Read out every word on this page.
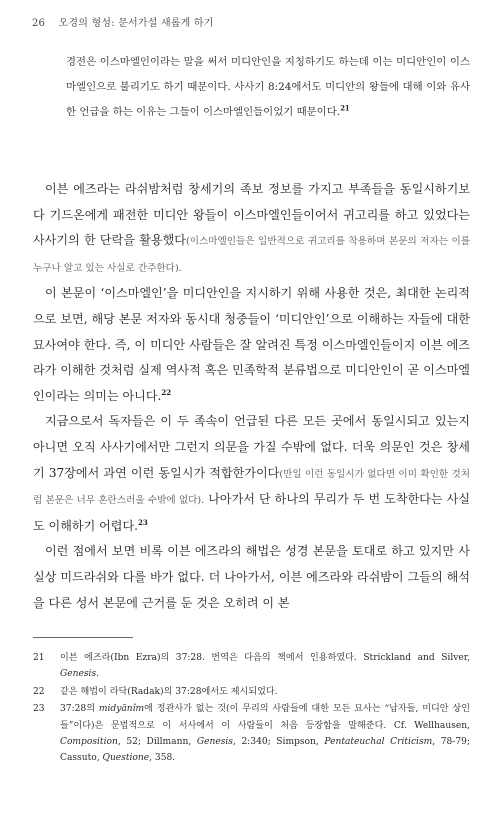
26 오경의 형성: 문서가설 새롭게 하기

경전은 이스마엘인이라는 말을 써서 미디안인을 지칭하기도 하는데 이는 미디안인이 이스마엘인으로 불리기도 하기 때문이다. 사사기 8:24에서도 미디안의 왕들에 대해 이와 유사한 언급을 하는 이유는 그들이 이스마엘인들이었기 때문이다.$^{21}$

이븐 에즈라는 라쉬밤처럼 창세기의 족보 정보를 가지고 부족들을 동일시하기보다 기드온에게 패전한 미디안 왕들이 이스마엘인들이어서 귀고리를 하고 있었다는 사사기의 한 단락을 활용했다(이스마엘인들은 일반적으로 귀고리를 착용하며 본문의 저자는 이를 누구나 알고 있는 사실로 간주한다).

이 본문이 ‘이스마엘인’을 미디안인을 지시하기 위해 사용한 것은, 최대한 논리적으로 보면, 해당 본문 저자와 동시대 청중들이 ‘미디안인’으로 이해하는 자들에 대한 묘사여야 한다. 즉, 이 미디안 사람들은 잘 알려진 특정 이스마엘인들이지 이븐 에즈라가 이해한 것처럼 실제 역사적 혹은 민족학적 분류법으로 미디안인이 곧 이스마엘인이라는 의미는 아니다.$^{22}$

지금으로서 독자들은 이 두 족속이 언급된 다른 모든 곳에서 동일시되고 있는지 아니면 오직 사사기에서만 그런지 의문을 가질 수밖에 없다. 더욱 의문인 것은 창세기 37장에서 과연 이런 동일시가 적합한가이다(만일 이런 동일시가 없다면 이미 확인한 것처럼 본문은 너무 혼란스러울 수밖에 없다). 나아가서 단 하나의 무리가 두 번 도착한다는 사실도 이해하기 어렵다.$^{23}$

이런 점에서 보면 비록 이븐 에즈라의 해법은 성경 본문을 토대로 하고 있지만 사실상 미드라쉬와 다를 바가 없다. 더 나아가서, 이븐 에즈라와 라쉬밤이 그들의 해석을 다른 성서 본문에 근거를 둔 것은 오히려 이 본

21	이븐 에즈라(Ibn Ezra)의 37:28. 번역은 다음의 책에서 인용하였다. Strickland and Silver, Genesis.
22	같은 해법이 라닥(Radak)의 37:28에서도 제시되었다.
23	37:28의 midyānîm에 정관사가 없는 것(이 무리의 사람들에 대한 모든 묘사는 “납자들, 미디안 상인들”이다)은 문법적으로 이 서사에서 이 사람들이 처음 등장함을 말해준다. Cf. Wellhausen, Composition, 52; Dillmann, Genesis, 2:340; Simpson, Pentateuchal Criticism, 78-79; Cassuto, Questione, 358.
